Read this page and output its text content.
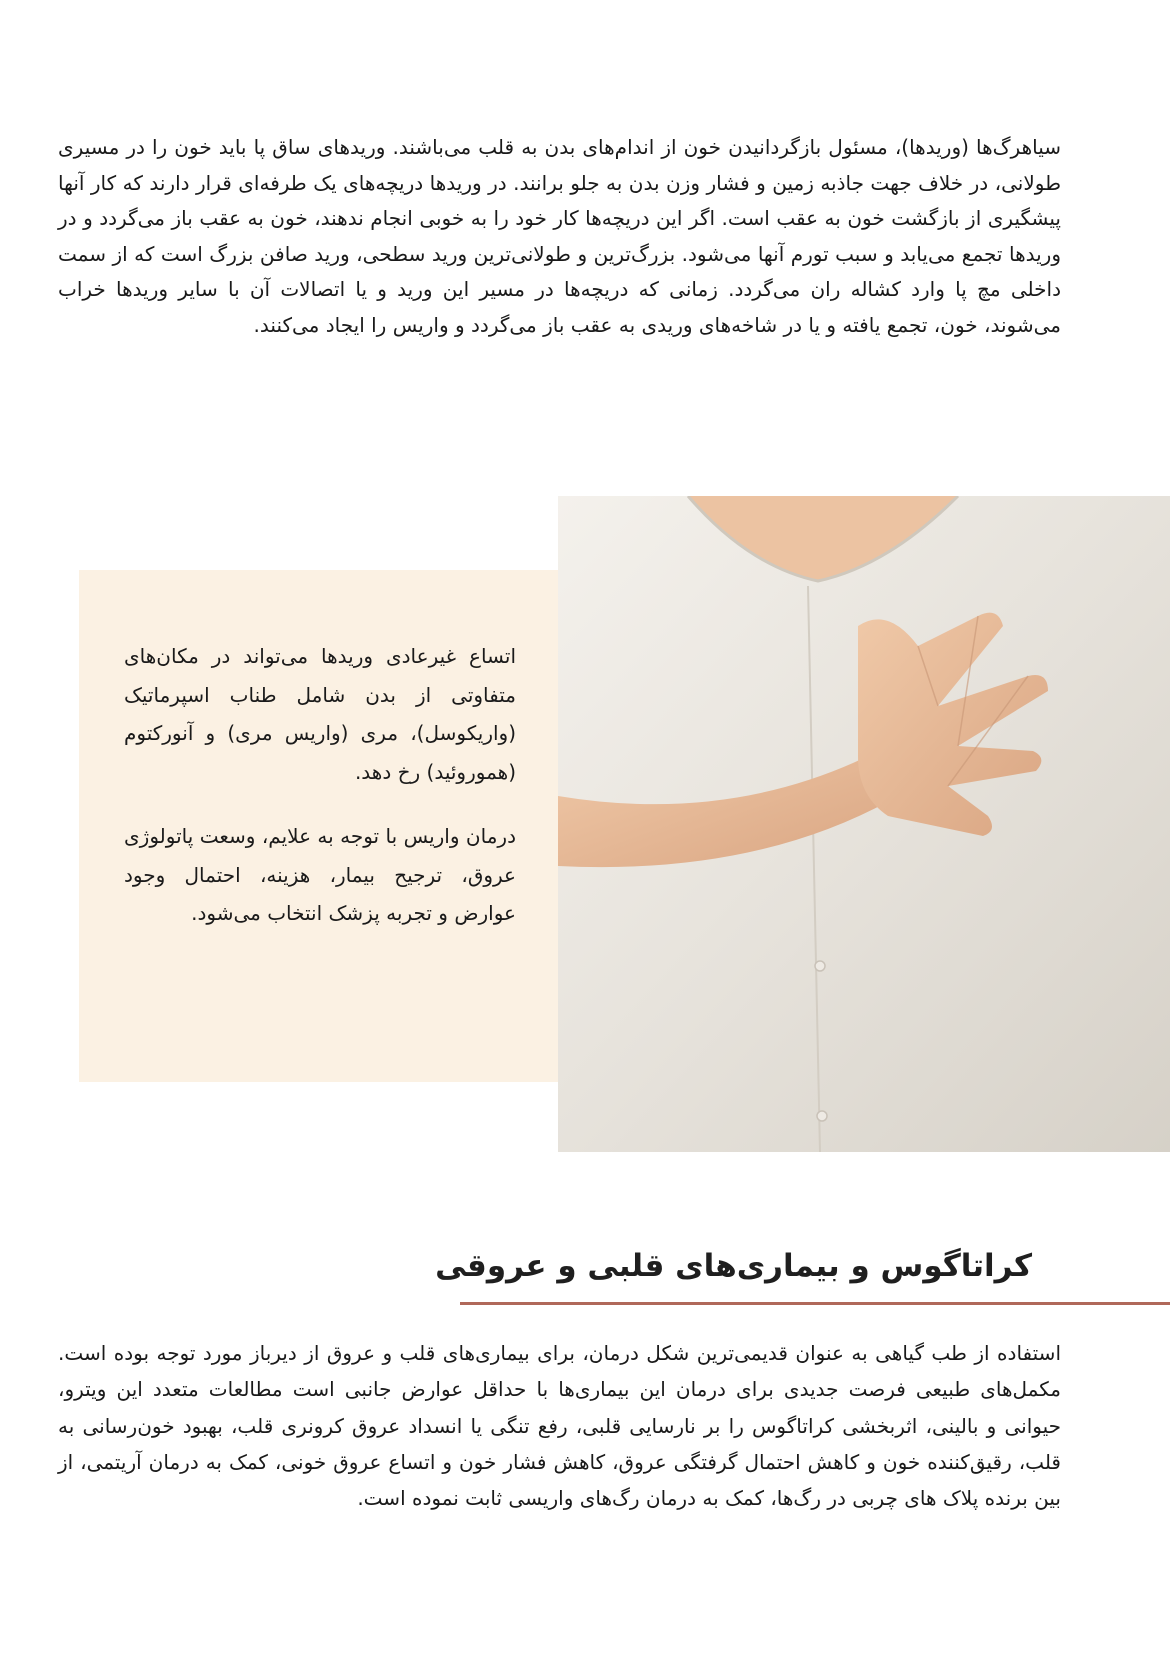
سیاهرگ‌ها (وریدها)، مسئول بازگردانیدن خون از اندام‌های بدن به قلب می‌باشند. وریدهای ساق پا باید خون را در مسیری طولانی، در خلاف جهت جاذبه زمین و فشار وزن بدن به جلو برانند. در وریدها دریچه‌های یک طرفه‌ای قرار دارند که کار آنها پیشگیری از بازگشت خون به عقب است. اگر این دریچه‌ها کار خود را به خوبی انجام ندهند، خون به عقب باز می‌گردد و در وریدها تجمع می‌یابد و سبب تورم آنها می‌شود. بزرگ‌ترین و طولانی‌ترین ورید سطحی، ورید صافن بزرگ است که از سمت داخلی مچ پا وارد کشاله ران می‌گردد. زمانی که دریچه‌ها در مسیر این ورید و یا اتصالات آن با سایر وریدها خراب می‌شوند، خون، تجمع یافته و یا در شاخه‌های وریدی به عقب باز می‌گردد و واریس را ایجاد می‌کنند.

اتساع غیرعادی وریدها می‌تواند در مکان‌های متفاوتی از بدن شامل طناب اسپرماتیک (واریکوسل)، مری (واریس مری) و آنورکتوم (هموروئید) رخ دهد.

درمان واریس با توجه به علایم، وسعت پاتولوژی عروق، ترجیح بیمار، هزینه، احتمال وجود عوارض و تجربه پزشک انتخاب می‌شود.

کراتاگوس و بیماری‌های قلبی و عروقی

استفاده از طب گیاهی به عنوان قدیمی‌ترین شکل درمان، برای بیماری‌های قلب و عروق از دیرباز مورد توجه بوده است. مکمل‌های طبیعی فرصت جدیدی برای درمان این بیماری‌ها با حداقل عوارض جانبی است مطالعات متعدد این ویترو، حیوانی و بالینی، اثربخشی کراتاگوس را بر نارسایی قلبی، رفع تنگی یا انسداد عروق کرونری قلب، بهبود خون‌رسانی به قلب، رقیق‌کننده خون و کاهش احتمال گرفتگی عروق، کاهش فشار خون و اتساع عروق خونی، کمک به درمان آریتمی، از بین برنده پلاک های چربی در رگ‌ها، کمک به درمان رگ‌های واریسی ثابت نموده است.
